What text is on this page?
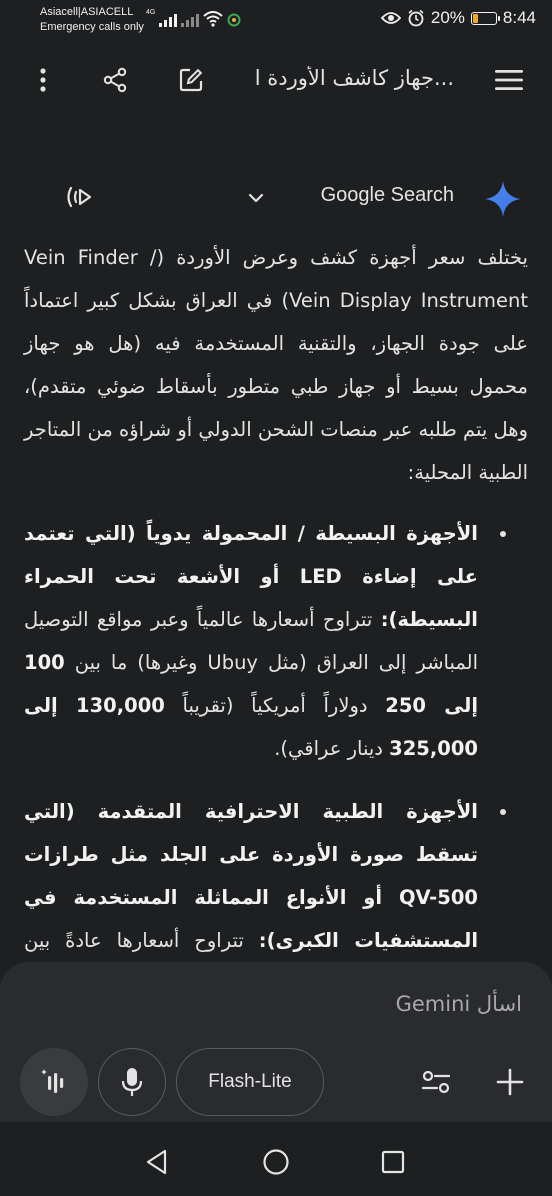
Asiacell|ASIACELL
Emergency calls only
4G	20% 8:44
جهاز كاشف الأوردة ا...
Google Search

يختلف سعر أجهزة كشف وعرض الأوردة (Vein Finder / Vein Display Instrument) في العراق بشكل كبير اعتماداً على جودة الجهاز، والتقنية المستخدمة فيه (هل هو جهاز محمول بسيط أو جهاز طبي متطور بأسقاط ضوئي متقدم)، وهل يتم طلبه عبر منصات الشحن الدولي أو شراؤه من المتاجر الطبية المحلية:

الأجهزة البسيطة / المحمولة يدوياً (التي تعتمد على إضاءة LED أو الأشعة تحت الحمراء البسيطة): تتراوح أسعارها عالمياً وعبر مواقع التوصيل المباشر إلى العراق (مثل Ubuy وغيرها) ما بين 100 إلى 250 دولاراً أمريكياً (تقريباً 130,000 إلى 325,000 دينار عراقي).
الأجهزة الطبية الاحترافية المتقدمة (التي تسقط صورة الأوردة على الجلد مثل طرازات QV-500 أو الأنواع المماثلة المستخدمة في المستشفيات الكبرى): تتراوح أسعارها عادةً بين
اسأل Gemini
Flash-Lite
